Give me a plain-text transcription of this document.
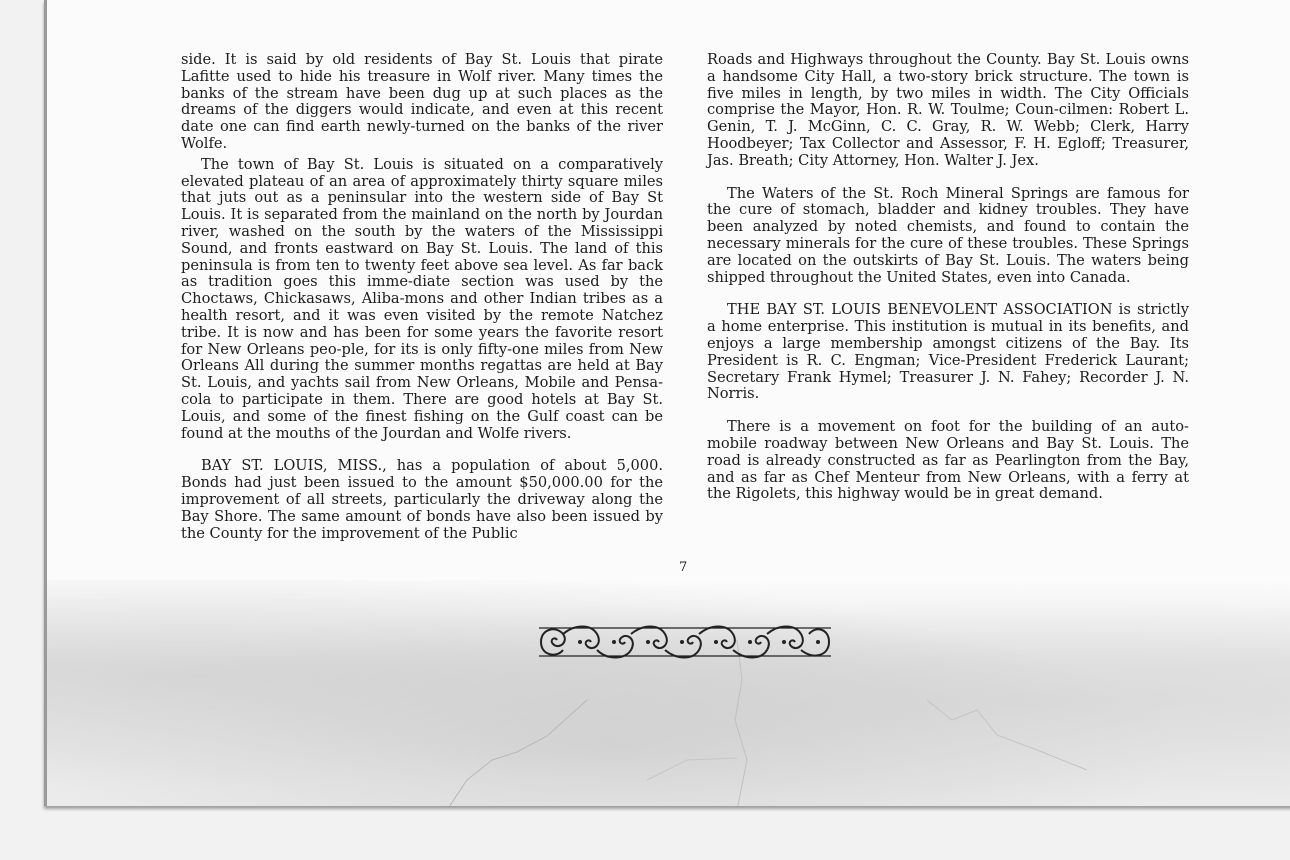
side. It is said by old residents of Bay St. Louis that pirate Lafitte used to hide his treasure in Wolf river. Many times the banks of the stream have been dug up at such places as the dreams of the diggers would indicate, and even at this recent date one can find earth newly-turned on the banks of the river Wolfe.

The town of Bay St. Louis is situated on a comparatively elevated plateau of an area of approximately thirty square miles that juts out as a peninsular into the western side of Bay St Louis. It is separated from the mainland on the north by Jourdan river, washed on the south by the waters of the Mississippi Sound, and fronts eastward on Bay St. Louis. The land of this peninsula is from ten to twenty feet above sea level. As far back as tradition goes this imme-diate section was used by the Choctaws, Chickasaws, Aliba-mons and other Indian tribes as a health resort, and it was even visited by the remote Natchez tribe. It is now and has been for some years the favorite resort for New Orleans peo-ple, for its is only fifty-one miles from New Orleans All during the summer months regattas are held at Bay St. Louis, and yachts sail from New Orleans, Mobile and Pensa-cola to participate in them. There are good hotels at Bay St. Louis, and some of the finest fishing on the Gulf coast can be found at the mouths of the Jourdan and Wolfe rivers.

BAY ST. LOUIS, MISS., has a population of about 5,000. Bonds had just been issued to the amount $50,000.00 for the improvement of all streets, particularly the driveway along the Bay Shore. The same amount of bonds have also been issued by the County for the improvement of the Public

7

Roads and Highways throughout the County. Bay St. Louis owns a handsome City Hall, a two-story brick structure. The town is five miles in length, by two miles in width. The City Officials comprise the Mayor, Hon. R. W. Toulme; Coun-cilmen: Robert L. Genin, T. J. McGinn, C. C. Gray, R. W. Webb; Clerk, Harry Hoodbeyer; Tax Collector and Assessor, F. H. Egloff; Treasurer, Jas. Breath; City Attorney, Hon. Walter J. Jex.

The Waters of the St. Roch Mineral Springs are famous for the cure of stomach, bladder and kidney troubles. They have been analyzed by noted chemists, and found to contain the necessary minerals for the cure of these troubles. These Springs are located on the outskirts of Bay St. Louis. The waters being shipped throughout the United States, even into Canada.

THE BAY ST. LOUIS BENEVOLENT ASSOCIATION is strictly a home enterprise. This institution is mutual in its benefits, and enjoys a large membership amongst citizens of the Bay. Its President is R. C. Engman; Vice-President Frederick Laurant; Secretary Frank Hymel; Treasurer J. N. Fahey; Recorder J. N. Norris.

There is a movement on foot for the building of an auto-mobile roadway between New Orleans and Bay St. Louis. The road is already constructed as far as Pearlington from the Bay, and as far as Chef Menteur from New Orleans, with a ferry at the Rigolets, this highway would be in great demand.
